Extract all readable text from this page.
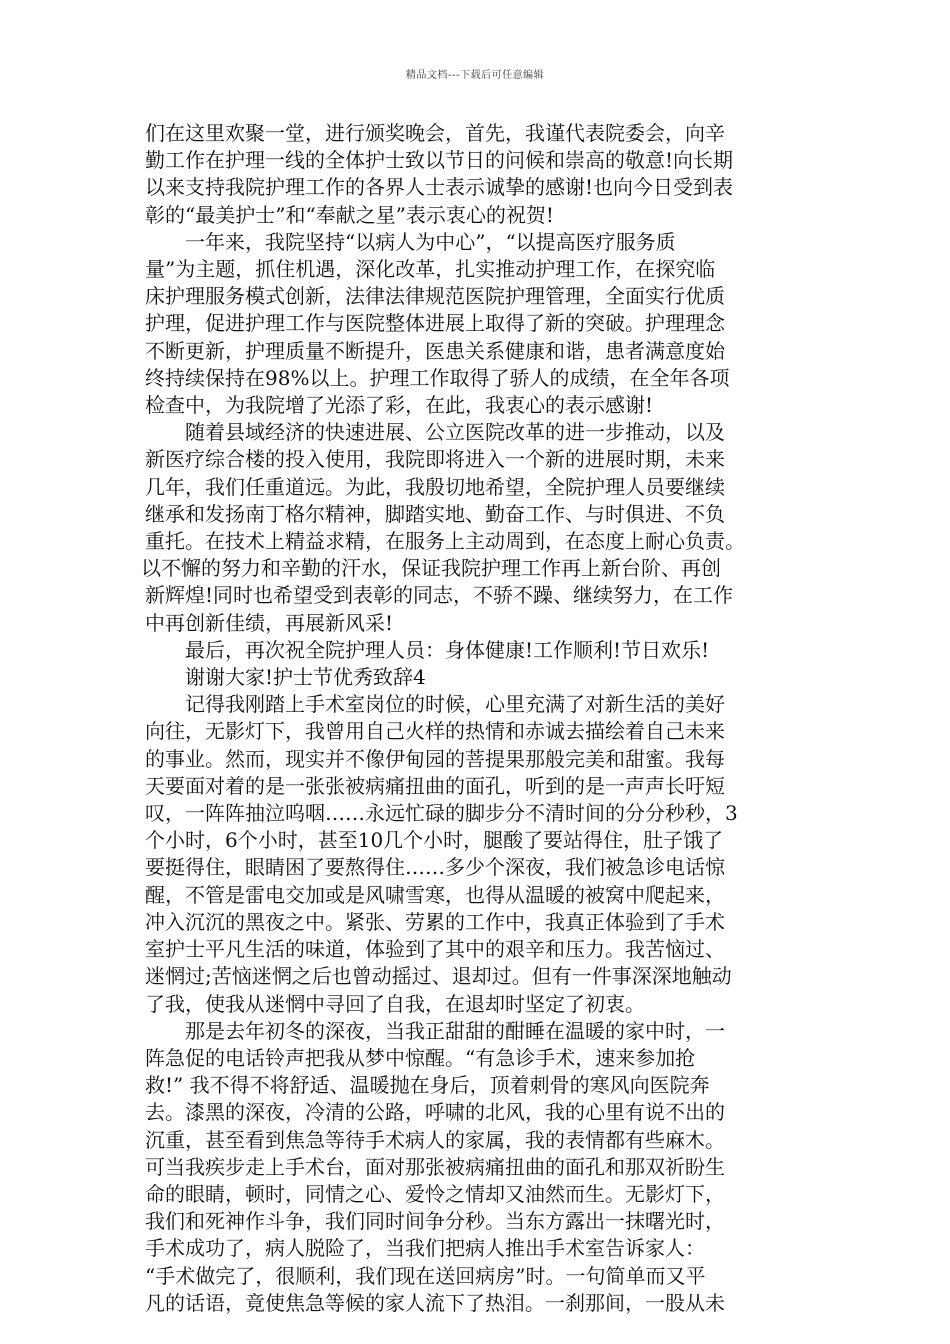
精品文档---下载后可任意编辑

们在这里欢聚一堂，进行颁奖晚会，首先，我谨代表院委会，向辛

勤工作在护理一线的全体护士致以节日的问候和崇高的敬意!向长期

以来支持我院护理工作的各界人士表示诚挚的感谢!也向今日受到表

彰的“最美护士”和“奉献之星”表示衷心的祝贺!

一年来，我院坚持“以病人为中心”，“以提高医疗服务质

量”为主题，抓住机遇，深化改革，扎实推动护理工作，在探究临

床护理服务模式创新，法律法律规范医院护理管理，全面实行优质

护理，促进护理工作与医院整体进展上取得了新的突破。护理理念

不断更新，护理质量不断提升，医患关系健康和谐，患者满意度始

终持续保持在98%以上。护理工作取得了骄人的成绩，在全年各项

检查中，为我院增了光添了彩，在此，我衷心的表示感谢!

随着县域经济的快速进展、公立医院改革的进一步推动，以及

新医疗综合楼的投入使用，我院即将进入一个新的进展时期，未来

几年，我们任重道远。为此，我殷切地希望，全院护理人员要继续

继承和发扬南丁格尔精神，脚踏实地、勤奋工作、与时俱进、不负

重托。在技术上精益求精，在服务上主动周到，在态度上耐心负责。

以不懈的努力和辛勤的汗水，保证我院护理工作再上新台阶、再创

新辉煌!同时也希望受到表彰的同志，不骄不躁、继续努力，在工作

中再创新佳绩，再展新风采!

最后，再次祝全院护理人员：身体健康!工作顺利!节日欢乐!

谢谢大家!护士节优秀致辞4

记得我刚踏上手术室岗位的时候，心里充满了对新生活的美好

向往，无影灯下，我曾用自己火样的热情和赤诚去描绘着自己未来

的事业。然而，现实并不像伊甸园的菩提果那般完美和甜蜜。我每

天要面对着的是一张张被病痛扭曲的面孔，听到的是一声声长吁短

叹，一阵阵抽泣呜咽……永远忙碌的脚步分不清时间的分分秒秒，3

个小时，6个小时，甚至10几个小时，腿酸了要站得住，肚子饿了

要挺得住，眼睛困了要熬得住……多少个深夜，我们被急诊电话惊

醒，不管是雷电交加或是风啸雪寒，也得从温暖的被窝中爬起来，

冲入沉沉的黑夜之中。紧张、劳累的工作中，我真正体验到了手术

室护士平凡生活的味道，体验到了其中的艰辛和压力。我苦恼过、

迷惘过;苦恼迷惘之后也曾动摇过、退却过。但有一件事深深地触动

了我，使我从迷惘中寻回了自我，在退却时坚定了初衷。

那是去年初冬的深夜，当我正甜甜的酣睡在温暖的家中时，一

阵急促的电话铃声把我从梦中惊醒。“有急诊手术，速来参加抢

救!” 我不得不将舒适、温暖抛在身后，顶着刺骨的寒风向医院奔

去。漆黑的深夜，冷清的公路，呼啸的北风，我的心里有说不出的

沉重，甚至看到焦急等待手术病人的家属，我的表情都有些麻木。

可当我疾步走上手术台，面对那张被病痛扭曲的面孔和那双祈盼生

命的眼睛，顿时，同情之心、爱怜之情却又油然而生。无影灯下，

我们和死神作斗争，我们同时间争分秒。当东方露出一抹曙光时，

手术成功了，病人脱险了，当我们把病人推出手术室告诉家人：

“手术做完了，很顺利，我们现在送回病房”时。一句简单而又平

凡的话语，竟使焦急等候的家人流下了热泪。一刹那间，一股从未
